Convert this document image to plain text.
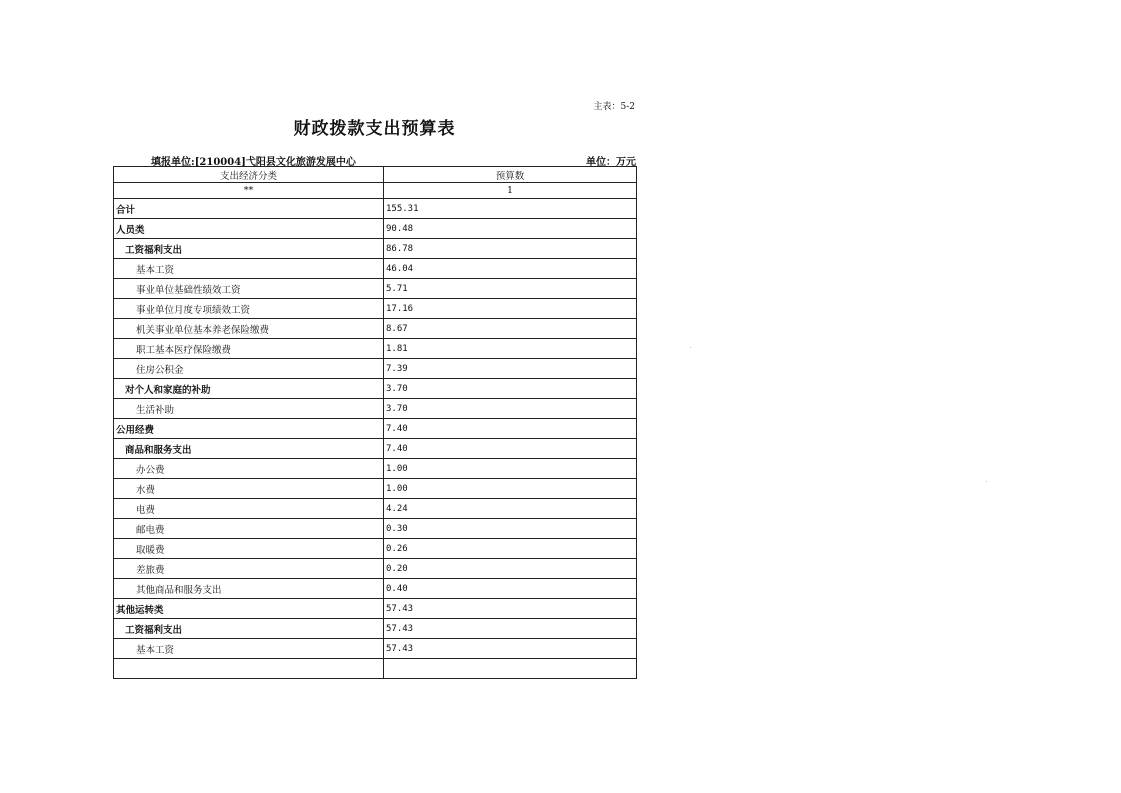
主表：5-2
财政拨款支出预算表
填报单位:[210004]弋阳县文化旅游发展中心	单位：万元
支出经济分类	预算数
**	1
合计	155.31
人员类	90.48
工资福利支出	86.78
基本工资	46.04
事业单位基础性绩效工资	5.71
事业单位月度专项绩效工资	17.16
机关事业单位基本养老保险缴费	8.67
职工基本医疗保险缴费	1.81
住房公积金	7.39
对个人和家庭的补助	3.70
生活补助	3.70
公用经费	7.40
商品和服务支出	7.40
办公费	1.00
水费	1.00
电费	4.24
邮电费	0.30
取暖费	0.26
差旅费	0.20
其他商品和服务支出	0.40
其他运转类	57.43
工资福利支出	57.43
基本工资	57.43
